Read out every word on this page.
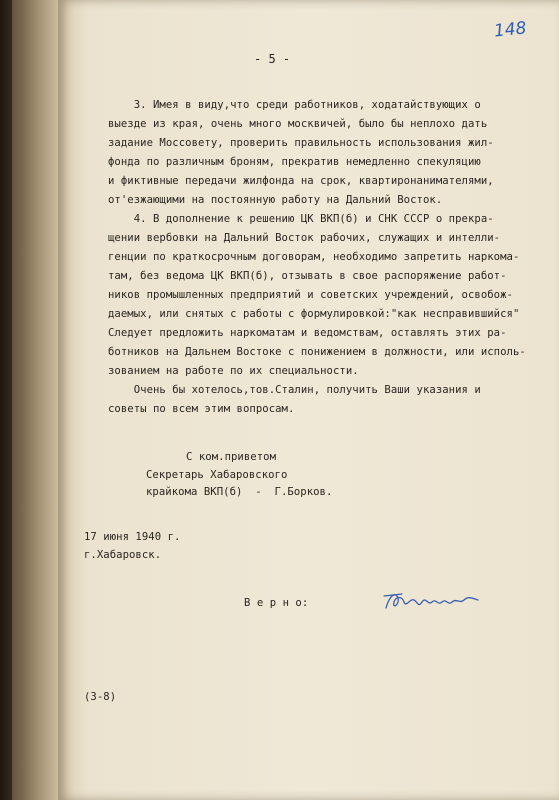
148
- 5 -
3. Имея в виду,что среди работников, ходатайствующих о
выезде из края, очень много москвичей, было бы неплохо дать
задание Моссовету, проверить правильность использования жил-
фонда по различным броням, прекратив немедленно спекуляцию
и фиктивные передачи жилфонда на срок, квартиронанимателями,
от'езжающими на постоянную работу на Дальний Восток.
4. В дополнение к решению ЦК ВКП(б) и СНК СССР о прекра-
щении вербовки на Дальний Восток рабочих, служащих и интелли-
генции по краткосрочным договорам, необходимо запретить наркома-
там, без ведома ЦК ВКП(б), отзывать в свое распоряжение работ-
ников промышленных предприятий и советских учреждений, освобож-
даемых, или снятых с работы с формулировкой:"как несправившийся"
Следует предложить наркоматам и ведомствам, оставлять этих ра-
ботников на Дальнем Востоке с понижением в должности, или исполь-
зованием на работе по их специальности.
Очень бы хотелось,тов.Сталин, получить Ваши указания и
советы по всем этим вопросам.
С ком.приветом
Секретарь Хабаровского
крайкома ВКП(б)  -  Г.Борков.
17 июня 1940 г.
г.Хабаровск.
В е р н о:
(3-8)
